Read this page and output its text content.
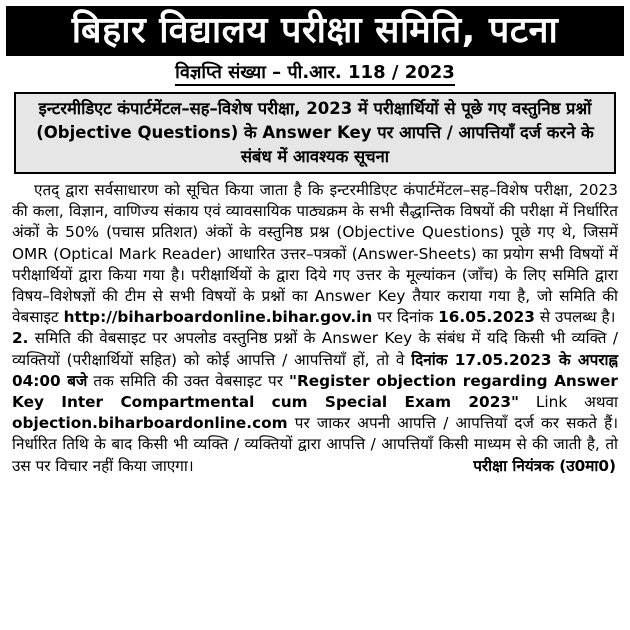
बिहार विद्यालय परीक्षा समिति, पटना
विज्ञप्ति संख्या – पी.आर. 118 / 2023
इन्टरमीडिएट कंपार्टमेंटल–सह–विशेष परीक्षा, 2023 में परीक्षार्थियों से पूछे गए वस्तुनिष्ठ प्रश्नों (Objective Questions) के Answer Key पर आपत्ति / आपत्तियाँ दर्ज करने के संबंध में आवश्यक सूचना

एतद् द्वारा सर्वसाधारण को सूचित किया जाता है कि इन्टरमीडिएट कंपार्टमेंटल–सह–विशेष परीक्षा, 2023 की कला, विज्ञान, वाणिज्य संकाय एवं व्यावसायिक पाठ्यक्रम के सभी सैद्धान्तिक विषयों की परीक्षा में निर्धारित अंकों के 50% (पचास प्रतिशत) अंकों के वस्तुनिष्ठ प्रश्न (Objective Questions) पूछे गए थे, जिसमें OMR (Optical Mark Reader) आधारित उत्तर–पत्रकों (Answer-Sheets) का प्रयोग सभी विषयों में परीक्षार्थियों द्वारा किया गया है। परीक्षार्थियों के द्वारा दिये गए उत्तर के मूल्यांकन (जाँच) के लिए समिति द्वारा विषय–विशेषज्ञों की टीम से सभी विषयों के प्रश्नों का Answer Key तैयार कराया गया है, जो समिति की वेबसाइट http://biharboardonline.bihar.gov.in पर दिनांक 16.05.2023 से उपलब्ध है।

2. समिति की वेबसाइट पर अपलोड वस्तुनिष्ठ प्रश्नों के Answer Key के संबंध में यदि किसी भी व्यक्ति / व्यक्तियों (परीक्षार्थियों सहित) को कोई आपत्ति / आपत्तियाँ हों, तो वे दिनांक 17.05.2023 के अपराह्न 04:00 बजे तक समिति की उक्त वेबसाइट पर "Register objection regarding Answer Key Inter Compartmental cum Special Exam 2023" Link अथवा objection.biharboardonline.com पर जाकर अपनी आपत्ति / आपत्तियाँ दर्ज कर सकते हैं। निर्धारित तिथि के बाद किसी भी व्यक्ति / व्यक्तियों द्वारा आपत्ति / आपत्तियाँ किसी माध्यम से की जाती है, तो उस पर विचार नहीं किया जाएगा।	परीक्षा नियंत्रक (उ0मा0)
